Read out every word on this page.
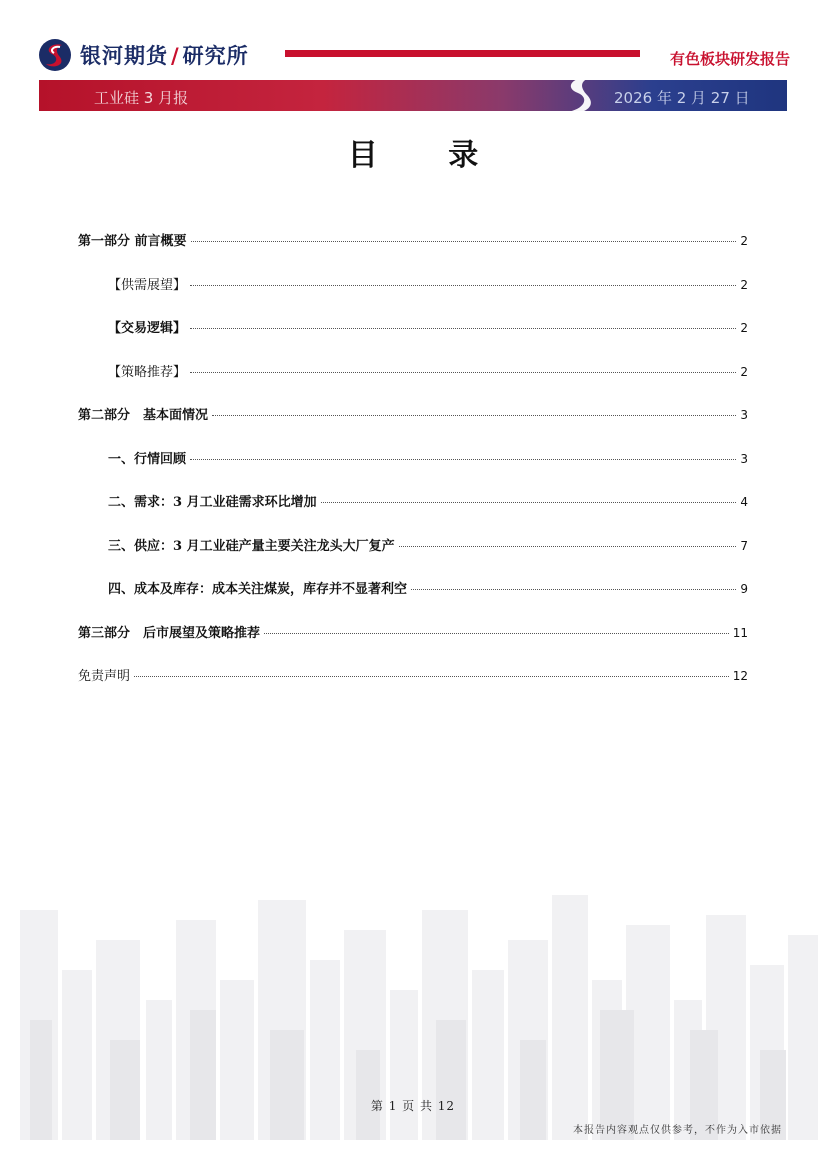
银河期货 / 研究所	有色板块研发报告
工业硅 3 月报	2026 年 2 月 27 日
目 录
第一部分 前言概要	2
【供需展望】	2
【交易逻辑】	2
【策略推荐】	2
第二部分　基本面情况	3
一、行情回顾	3
二、需求：3 月工业硅需求环比增加	4
三、供应：3 月工业硅产量主要关注龙头大厂复产	7
四、成本及库存：成本关注煤炭，库存并不显著利空	9
第三部分　后市展望及策略推荐	11
免责声明	12
第 1 页 共 12
本报告内容观点仅供参考，不作为入市依据
